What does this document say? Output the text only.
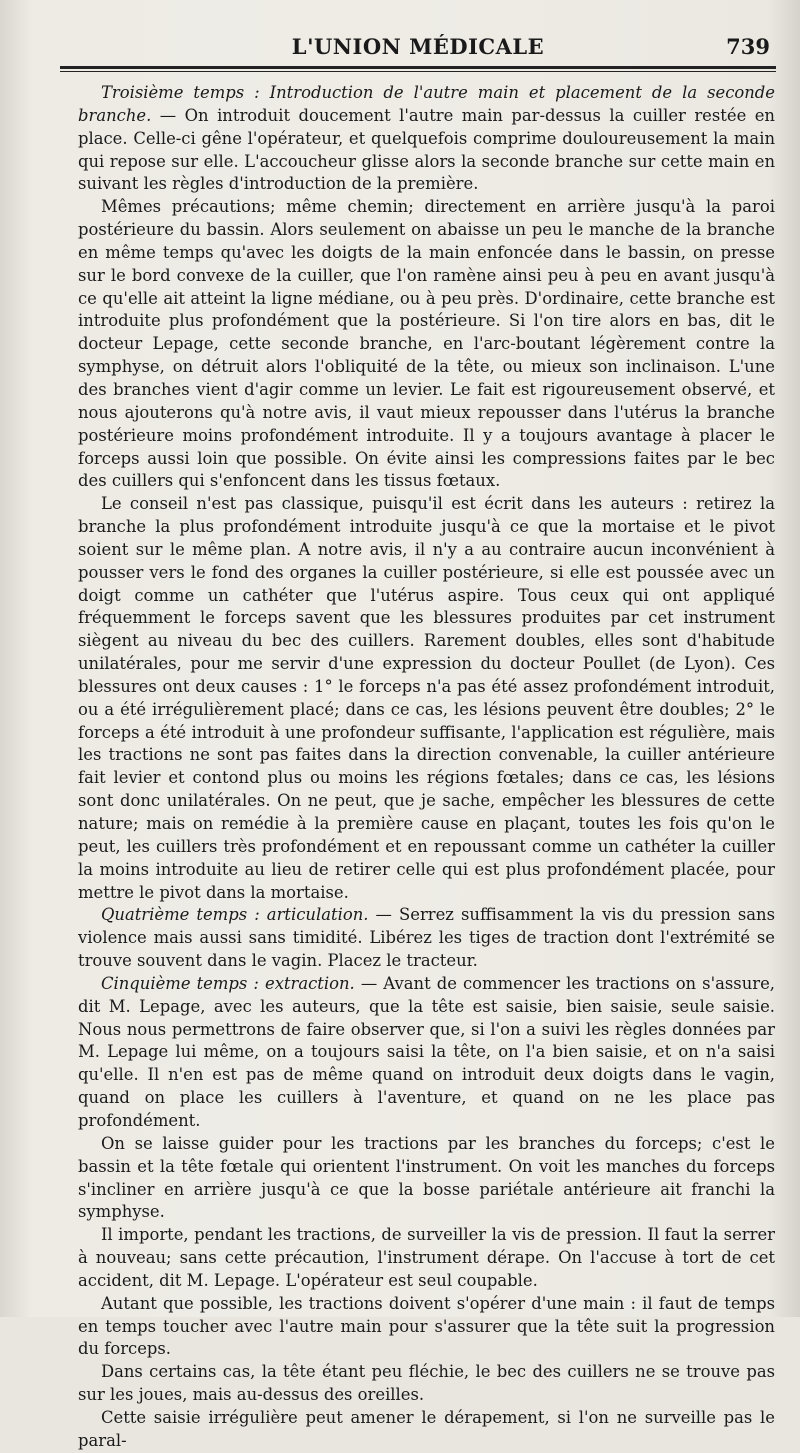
L'UNION MÉDICALE	739

Troisième temps : Introduction de l'autre main et placement de la seconde branche. — On introduit doucement l'autre main par-dessus la cuiller restée en place. Celle-ci gêne l'opérateur, et quelquefois comprime douloureusement la main qui repose sur elle. L'accoucheur glisse alors la seconde branche sur cette main en suivant les règles d'introduction de la première.

Mêmes précautions; même chemin; directement en arrière jusqu'à la paroi postérieure du bassin. Alors seulement on abaisse un peu le manche de la branche en même temps qu'avec les doigts de la main enfoncée dans le bassin, on presse sur le bord convexe de la cuiller, que l'on ramène ainsi peu à peu en avant jusqu'à ce qu'elle ait atteint la ligne médiane, ou à peu près. D'ordinaire, cette branche est introduite plus profondément que la postérieure. Si l'on tire alors en bas, dit le docteur Lepage, cette seconde branche, en l'arc-boutant légèrement contre la symphyse, on détruit alors l'obliquité de la tête, ou mieux son inclinaison. L'une des branches vient d'agir comme un levier. Le fait est rigoureusement observé, et nous ajouterons qu'à notre avis, il vaut mieux repousser dans l'utérus la branche postérieure moins profondément introduite. Il y a toujours avantage à placer le forceps aussi loin que possible. On évite ainsi les compressions faites par le bec des cuillers qui s'enfoncent dans les tissus fœtaux.

Le conseil n'est pas classique, puisqu'il est écrit dans les auteurs : retirez la branche la plus profondément introduite jusqu'à ce que la mortaise et le pivot soient sur le même plan. A notre avis, il n'y a au contraire aucun inconvénient à pousser vers le fond des organes la cuiller postérieure, si elle est poussée avec un doigt comme un cathéter que l'utérus aspire. Tous ceux qui ont appliqué fréquemment le forceps savent que les blessures produites par cet instrument siègent au niveau du bec des cuillers. Rarement doubles, elles sont d'habitude unilatérales, pour me servir d'une expression du docteur Poullet (de Lyon). Ces blessures ont deux causes : 1° le forceps n'a pas été assez profondément introduit, ou a été irrégulièrement placé; dans ce cas, les lésions peuvent être doubles; 2° le forceps a été introduit à une profondeur suffisante, l'application est régulière, mais les tractions ne sont pas faites dans la direction convenable, la cuiller antérieure fait levier et contond plus ou moins les régions fœtales; dans ce cas, les lésions sont donc unilatérales. On ne peut, que je sache, empêcher les blessures de cette nature; mais on remédie à la première cause en plaçant, toutes les fois qu'on le peut, les cuillers très profondément et en repoussant comme un cathéter la cuiller la moins introduite au lieu de retirer celle qui est plus profondément placée, pour mettre le pivot dans la mortaise.

Quatrième temps : articulation. — Serrez suffisamment la vis du pression sans violence mais aussi sans timidité. Libérez les tiges de traction dont l'extrémité se trouve souvent dans le vagin. Placez le tracteur.

Cinquième temps : extraction. — Avant de commencer les tractions on s'assure, dit M. Lepage, avec les auteurs, que la tête est saisie, bien saisie, seule saisie. Nous nous permettrons de faire observer que, si l'on a suivi les règles données par M. Lepage lui même, on a toujours saisi la tête, on l'a bien saisie, et on n'a saisi qu'elle. Il n'en est pas de même quand on introduit deux doigts dans le vagin, quand on place les cuillers à l'aventure, et quand on ne les place pas profondément.

On se laisse guider pour les tractions par les branches du forceps; c'est le bassin et la tête fœtale qui orientent l'instrument. On voit les manches du forceps s'incliner en arrière jusqu'à ce que la bosse pariétale antérieure ait franchi la symphyse.

Il importe, pendant les tractions, de surveiller la vis de pression. Il faut la serrer à nouveau; sans cette précaution, l'instrument dérape. On l'accuse à tort de cet accident, dit M. Lepage. L'opérateur est seul coupable.

Autant que possible, les tractions doivent s'opérer d'une main : il faut de temps en temps toucher avec l'autre main pour s'assurer que la tête suit la progression du forceps.

Dans certains cas, la tête étant peu fléchie, le bec des cuillers ne se trouve pas sur les joues, mais au-dessus des oreilles.

Cette saisie irrégulière peut amener le dérapement, si l'on ne surveille pas le paral-
